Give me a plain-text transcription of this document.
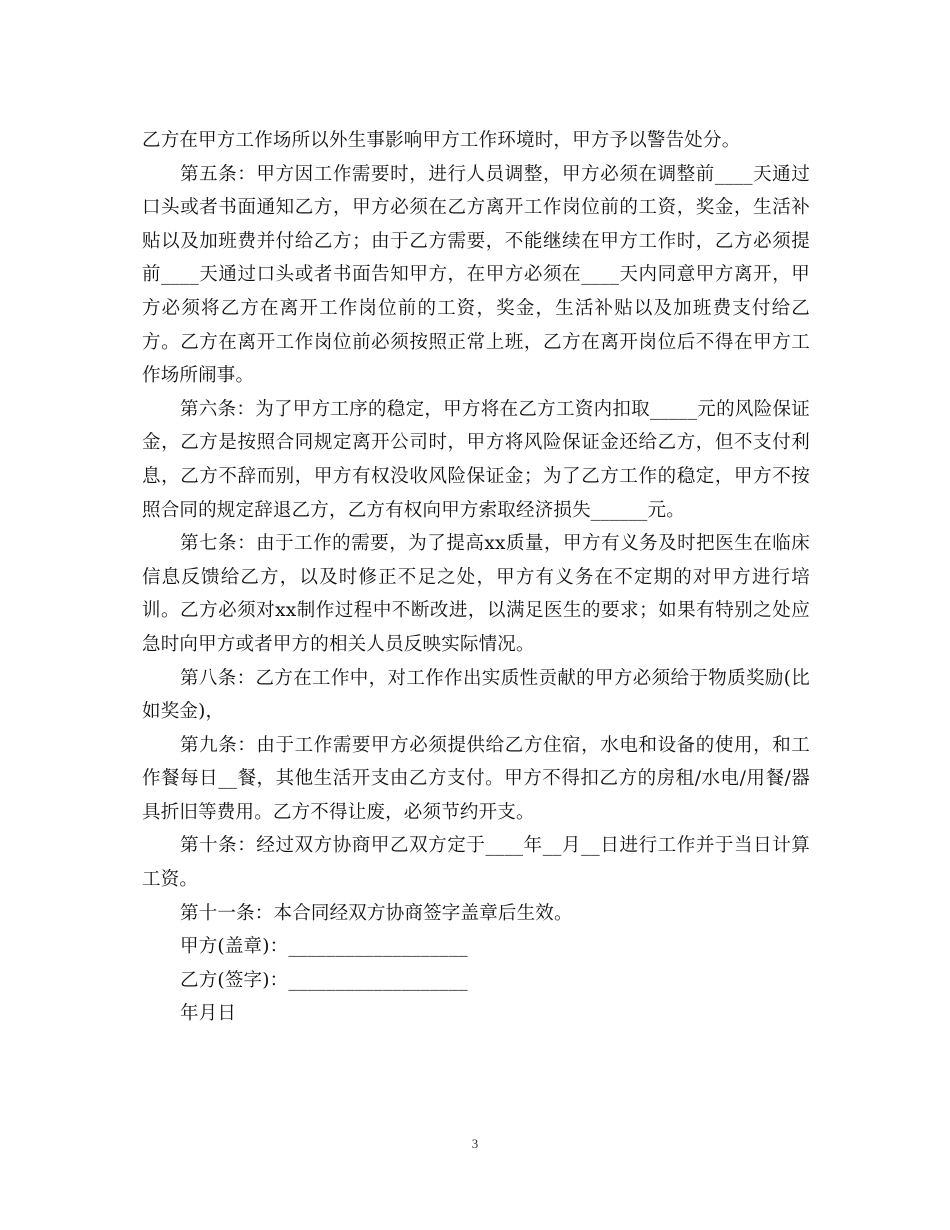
乙方在甲方工作场所以外生事影响甲方工作环境时，甲方予以警告处分。

第五条：甲方因工作需要时，进行人员调整，甲方必须在调整前____天通过口头或者书面通知乙方，甲方必须在乙方离开工作岗位前的工资，奖金，生活补贴以及加班费并付给乙方；由于乙方需要，不能继续在甲方工作时，乙方必须提前____天通过口头或者书面告知甲方，在甲方必须在____天内同意甲方离开，甲方必须将乙方在离开工作岗位前的工资，奖金，生活补贴以及加班费支付给乙方。乙方在离开工作岗位前必须按照正常上班，乙方在离开岗位后不得在甲方工作场所闹事。

第六条：为了甲方工序的稳定，甲方将在乙方工资内扣取_____元的风险保证金，乙方是按照合同规定离开公司时，甲方将风险保证金还给乙方，但不支付利息，乙方不辞而别，甲方有权没收风险保证金；为了乙方工作的稳定，甲方不按照合同的规定辞退乙方，乙方有权向甲方索取经济损失______元。

第七条：由于工作的需要，为了提高xx质量，甲方有义务及时把医生在临床信息反馈给乙方，以及时修正不足之处，甲方有义务在不定期的对甲方进行培训。乙方必须对xx制作过程中不断改进，以满足医生的要求；如果有特别之处应急时向甲方或者甲方的相关人员反映实际情况。

第八条：乙方在工作中，对工作作出实质性贡献的甲方必须给于物质奖励(比如奖金)，

第九条：由于工作需要甲方必须提供给乙方住宿，水电和设备的使用，和工作餐每日__餐，其他生活开支由乙方支付。甲方不得扣乙方的房租/水电/用餐/器具折旧等费用。乙方不得让废，必须节约开支。

第十条：经过双方协商甲乙双方定于____年__月__日进行工作并于当日计算工资。

第十一条：本合同经双方协商签字盖章后生效。

甲方(盖章)：___________________

乙方(签字)：___________________

年月日

3
